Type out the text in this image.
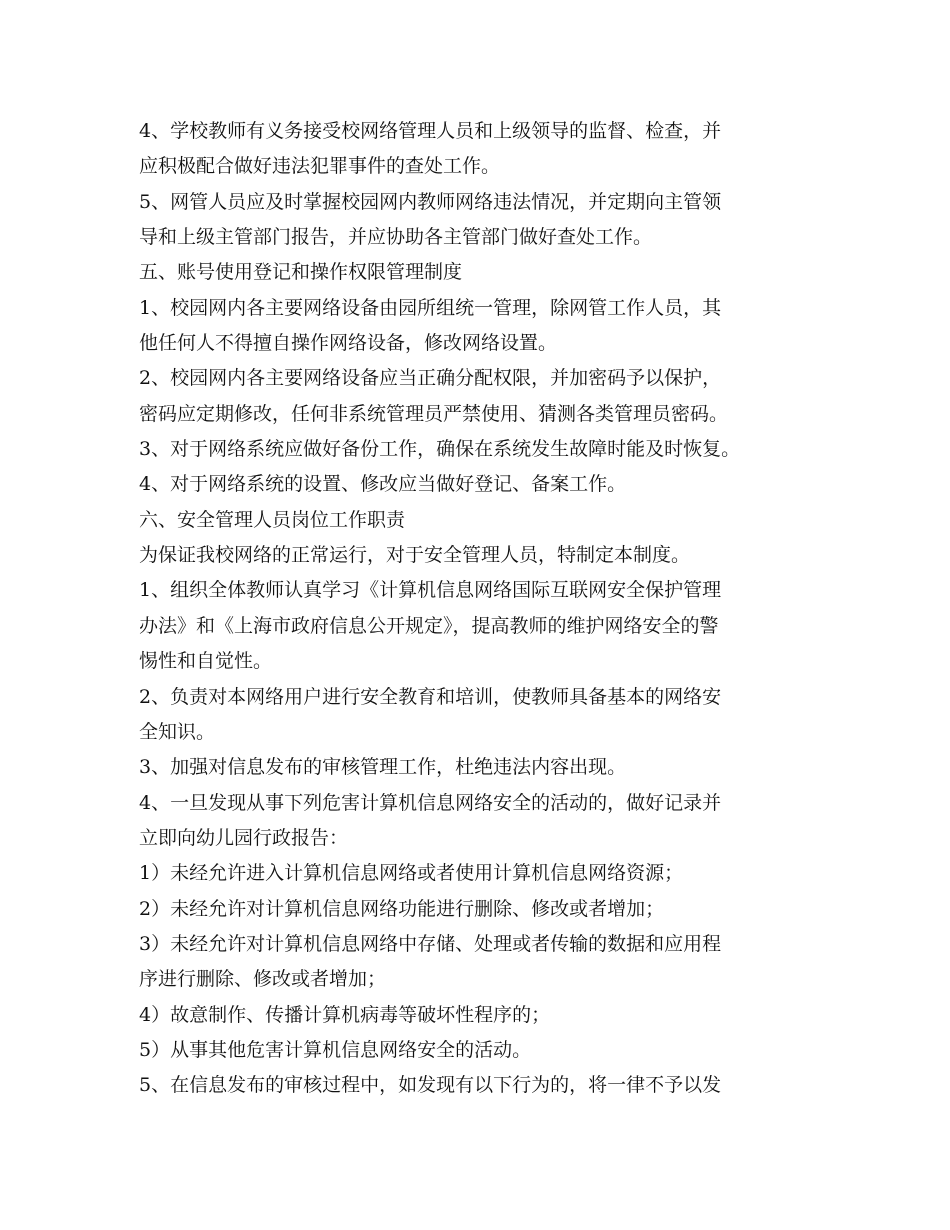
4、学校教师有义务接受校网络管理人员和上级领导的监督、检查，并
应积极配合做好违法犯罪事件的查处工作。
5、网管人员应及时掌握校园网内教师网络违法情况，并定期向主管领
导和上级主管部门报告，并应协助各主管部门做好查处工作。
五、账号使用登记和操作权限管理制度
1、校园网内各主要网络设备由园所组统一管理，除网管工作人员，其
他任何人不得擅自操作网络设备，修改网络设置。
2、校园网内各主要网络设备应当正确分配权限，并加密码予以保护，
密码应定期修改，任何非系统管理员严禁使用、猜测各类管理员密码。
3、对于网络系统应做好备份工作，确保在系统发生故障时能及时恢复。
4、对于网络系统的设置、修改应当做好登记、备案工作。
六、安全管理人员岗位工作职责
为保证我校网络的正常运行，对于安全管理人员，特制定本制度。
1、组织全体教师认真学习《计算机信息网络国际互联网安全保护管理
办法》和《上海市政府信息公开规定》，提高教师的维护网络安全的警
惕性和自觉性。
2、负责对本网络用户进行安全教育和培训，使教师具备基本的网络安
全知识。
3、加强对信息发布的审核管理工作，杜绝违法内容出现。
4、一旦发现从事下列危害计算机信息网络安全的活动的，做好记录并
立即向幼儿园行政报告：
1）未经允许进入计算机信息网络或者使用计算机信息网络资源；
2）未经允许对计算机信息网络功能进行删除、修改或者增加；
3）未经允许对计算机信息网络中存储、处理或者传输的数据和应用程
序进行删除、修改或者增加；
4）故意制作、传播计算机病毒等破坏性程序的；
5）从事其他危害计算机信息网络安全的活动。
5、在信息发布的审核过程中，如发现有以下行为的，将一律不予以发
